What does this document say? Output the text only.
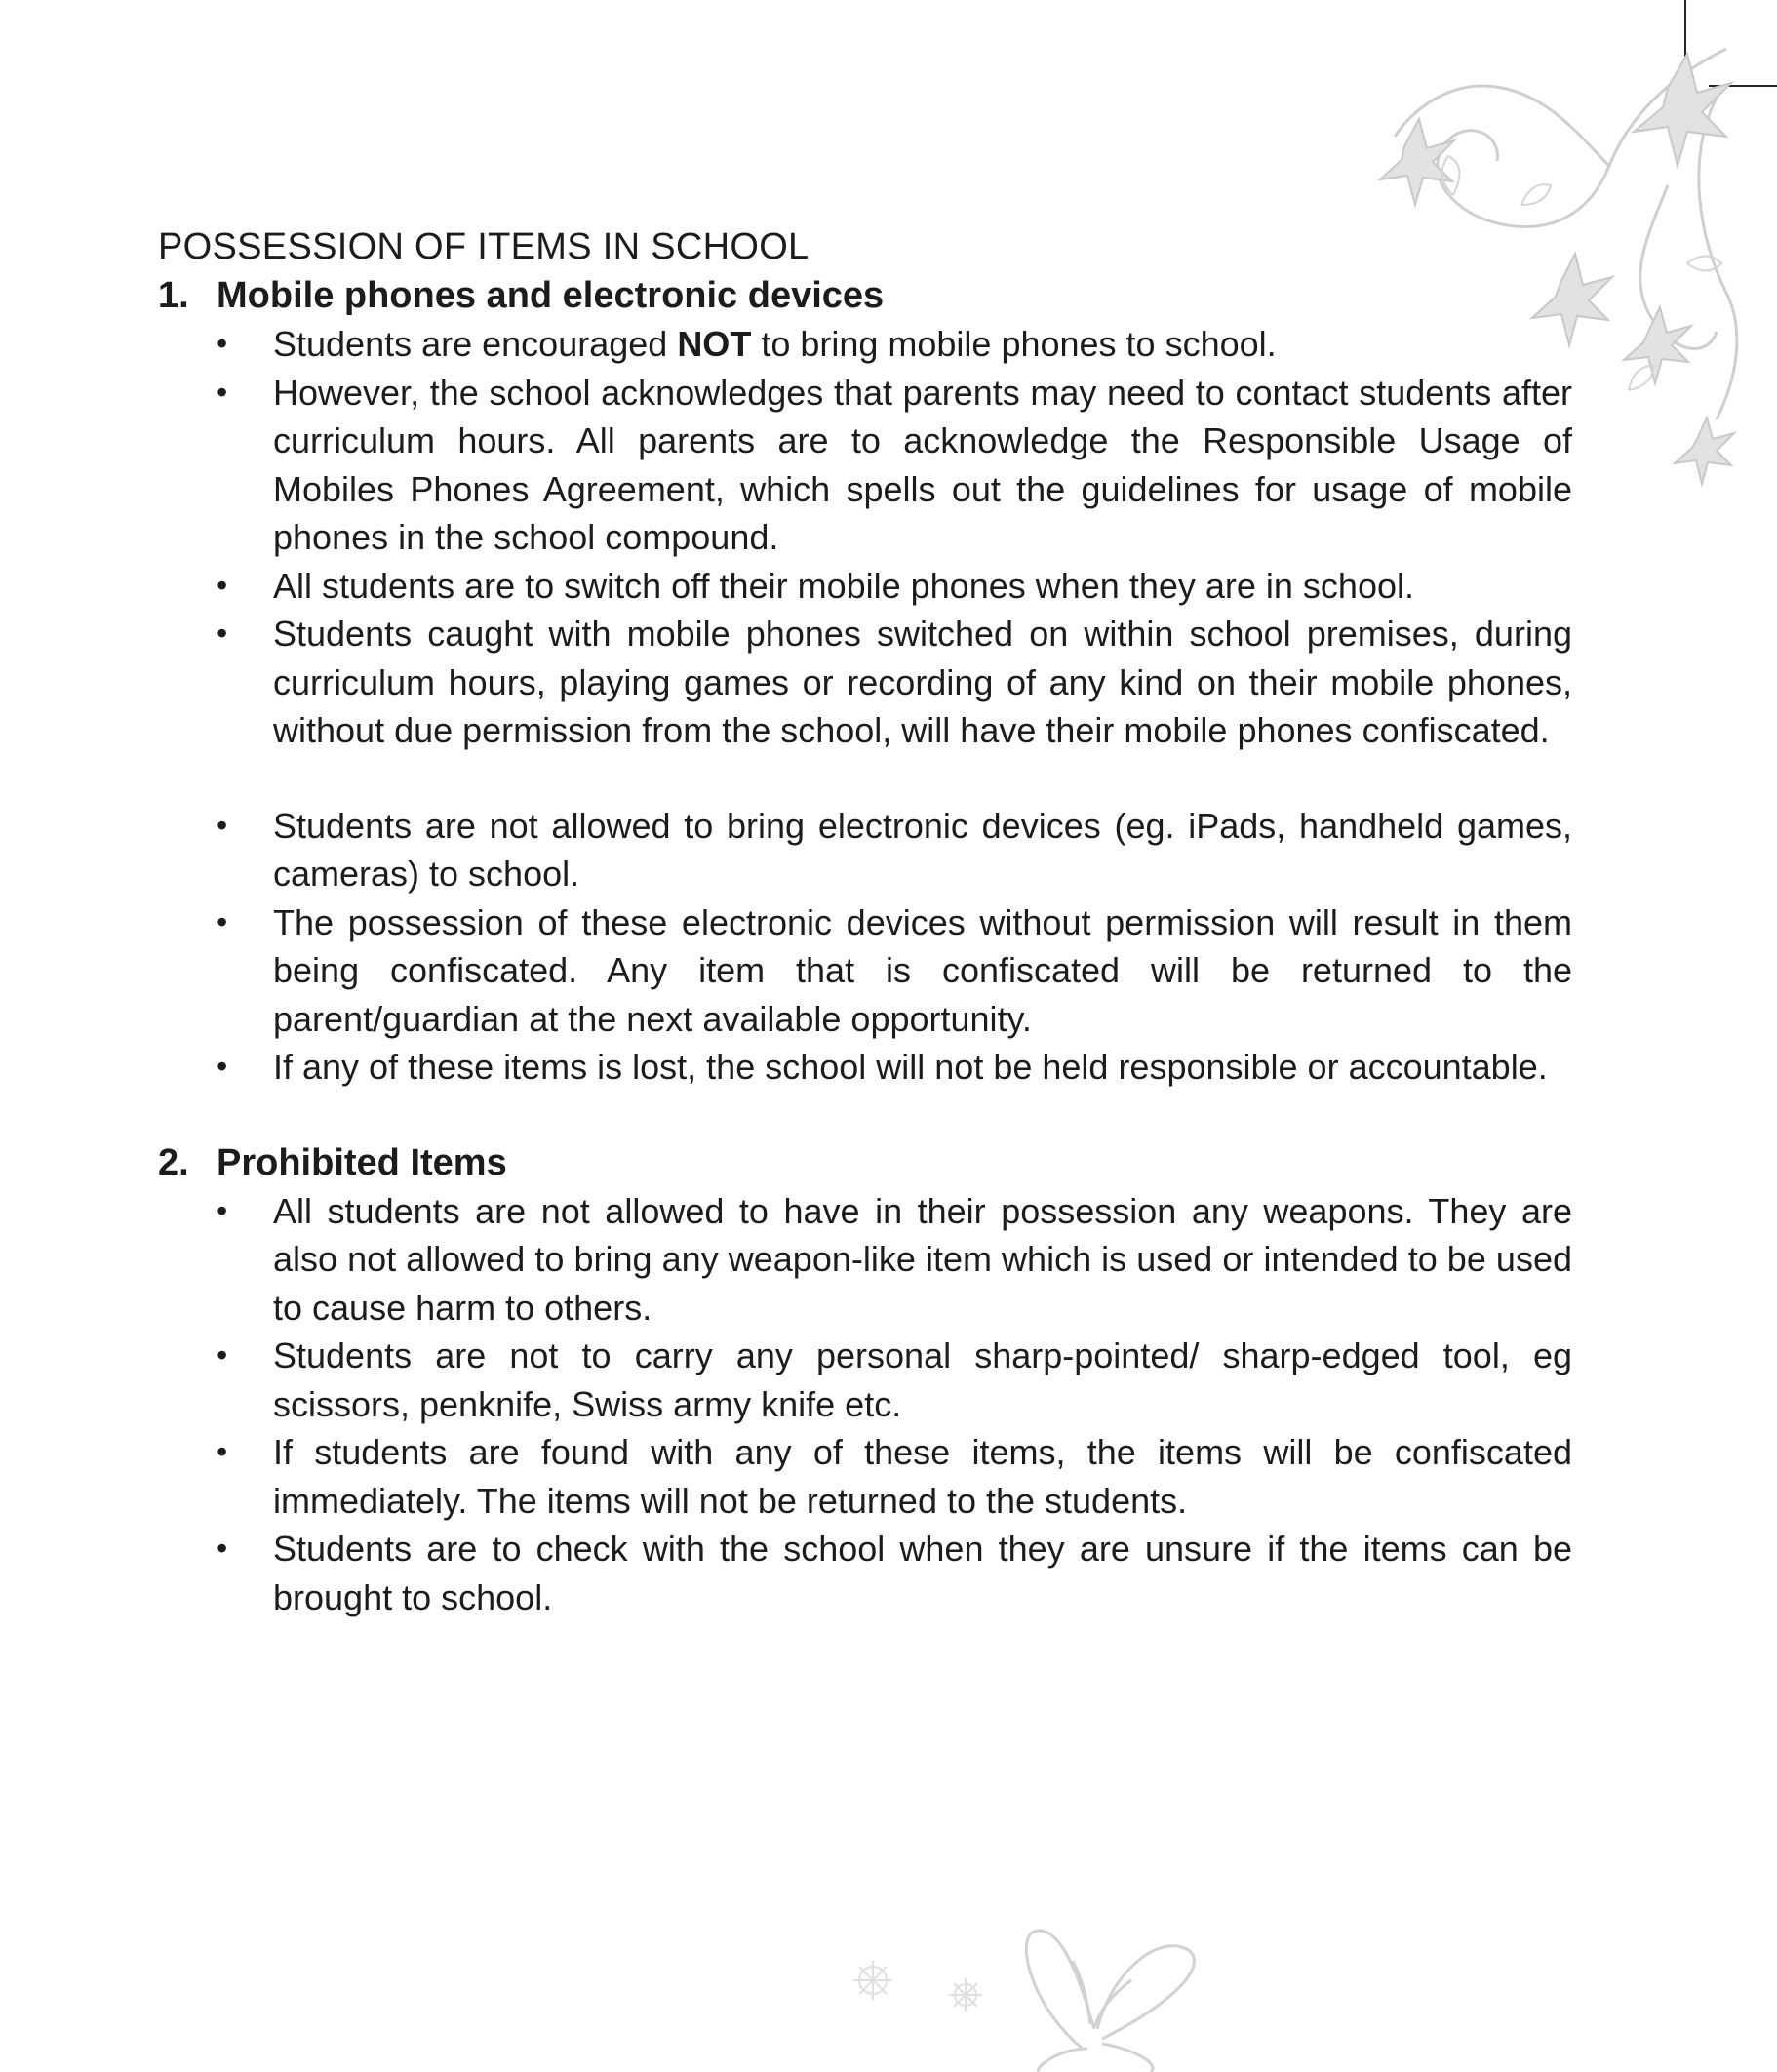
POSSESSION OF ITEMS IN SCHOOL
1. Mobile phones and electronic devices
• Students are encouraged NOT to bring mobile phones to school.
• However, the school acknowledges that parents may need to contact students after curriculum hours. All parents are to acknowledge the Responsible Usage of Mobiles Phones Agreement, which spells out the guidelines for usage of mobile phones in the school compound.
• All students are to switch off their mobile phones when they are in school.
• Students caught with mobile phones switched on within school premises, during curriculum hours, playing games or recording of any kind on their mobile phones, without due permission from the school, will have their mobile phones confiscated.
• Students are not allowed to bring electronic devices (eg. iPads, handheld games, cameras) to school.
• The possession of these electronic devices without permission will result in them being confiscated. Any item that is confiscated will be returned to the parent/guardian at the next available opportunity.
• If any of these items is lost, the school will not be held responsible or accountable.
2. Prohibited Items
• All students are not allowed to have in their possession any weapons. They are also not allowed to bring any weapon-like item which is used or intended to be used to cause harm to others.
• Students are not to carry any personal sharp-pointed/ sharp-edged tool, eg scissors, penknife, Swiss army knife etc.
• If students are found with any of these items, the items will be confiscated immediately. The items will not be returned to the students.
• Students are to check with the school when they are unsure if the items can be brought to school.
